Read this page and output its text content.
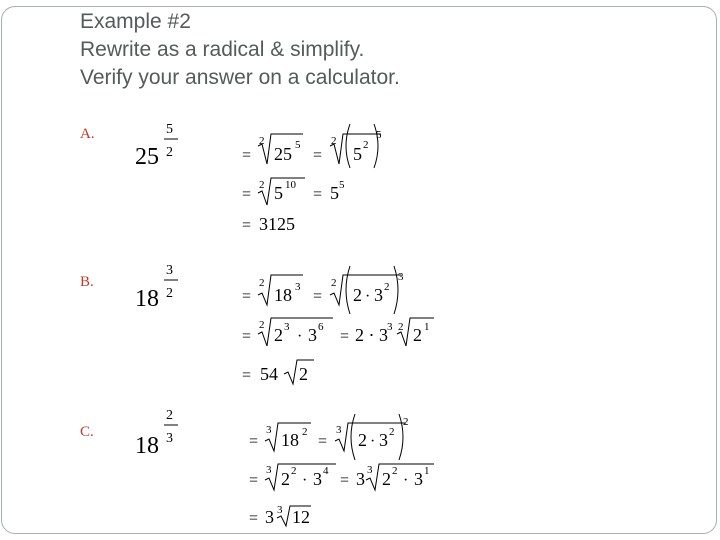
Example #2
Rewrite as a radical & simplify.
Verify your answer on a calculator.
A.
B.
C.
25
5
2	=
2
25 5
=
2
5 2
5
=
2 5 10
= 5 5
= 3125
18
3
2	=
2
18 3
=
2
2 · 3 2
3
=
2 2 3
· 3 6
= 2 · 3 3 2 2 1
= 54 2
18
2
3	=
3 18 2
=
3 2 · 3 2
2
=
3 2 2
· 3 4
= 3 3 2 2
· 3 1
= 3 3 12
